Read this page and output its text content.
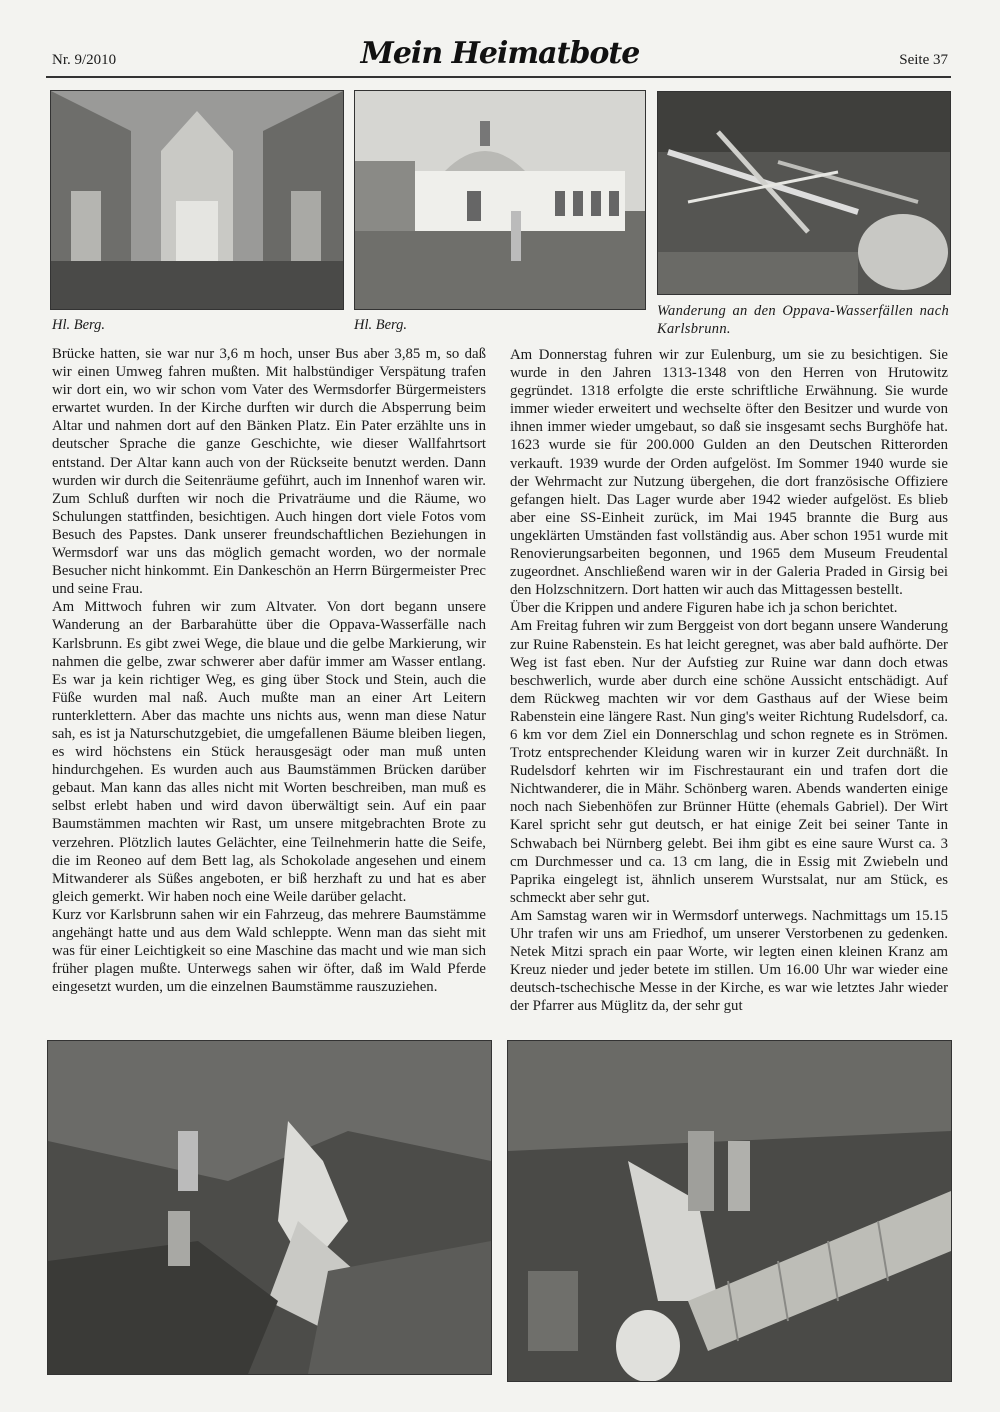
Nr. 9/2010	Mein Heimatbote	Seite 37
Hl. Berg.	Hl. Berg.
Wanderung an den Oppava-Wasserfällen nach Karlsbrunn.

Brücke hatten, sie war nur 3,6 m hoch, unser Bus aber 3,85 m, so daß wir einen Umweg fahren mußten. Mit halbstündiger Verspätung trafen wir dort ein, wo wir schon vom Vater des Wermsdorfer Bürgermeisters erwartet wurden. In der Kirche durften wir durch die Absperrung beim Altar und nahmen dort auf den Bänken Platz. Ein Pater erzählte uns in deutscher Sprache die ganze Geschichte, wie dieser Wallfahrtsort entstand. Der Altar kann auch von der Rückseite benutzt werden. Dann wurden wir durch die Seitenräume geführt, auch im Innenhof waren wir. Zum Schluß durften wir noch die Privaträume und die Räume, wo Schulungen stattfinden, besichtigen. Auch hingen dort viele Fotos vom Besuch des Papstes. Dank unserer freundschaftlichen Beziehungen in Wermsdorf war uns das möglich gemacht worden, wo der normale Besucher nicht hinkommt. Ein Dankeschön an Herrn Bürgermeister Prec und seine Frau.

Am Mittwoch fuhren wir zum Altvater. Von dort begann unsere Wanderung an der Barbarahütte über die Oppava-Wasserfälle nach Karlsbrunn. Es gibt zwei Wege, die blaue und die gelbe Markierung, wir nahmen die gelbe, zwar schwerer aber dafür immer am Wasser entlang. Es war ja kein richtiger Weg, es ging über Stock und Stein, auch die Füße wurden mal naß. Auch mußte man an einer Art Leitern runterklettern. Aber das machte uns nichts aus, wenn man diese Natur sah, es ist ja Naturschutzgebiet, die umgefallenen Bäume bleiben liegen, es wird höchstens ein Stück herausgesägt oder man muß unten hindurchgehen. Es wurden auch aus Baumstämmen Brücken darüber gebaut. Man kann das alles nicht mit Worten beschreiben, man muß es selbst erlebt haben und wird davon überwältigt sein. Auf ein paar Baumstämmen machten wir Rast, um unsere mitgebrachten Brote zu verzehren. Plötzlich lautes Gelächter, eine Teilnehmerin hatte die Seife, die im Reoneo auf dem Bett lag, als Schokolade angesehen und einem Mitwanderer als Süßes angeboten, er biß herzhaft zu und hat es aber gleich gemerkt. Wir haben noch eine Weile darüber gelacht.

Kurz vor Karlsbrunn sahen wir ein Fahrzeug, das mehrere Baumstämme angehängt hatte und aus dem Wald schleppte. Wenn man das sieht mit was für einer Leichtigkeit so eine Maschine das macht und wie man sich früher plagen mußte. Unterwegs sahen wir öfter, daß im Wald Pferde eingesetzt wurden, um die einzelnen Baumstämme rauszuziehen.

Am Donnerstag fuhren wir zur Eulenburg, um sie zu besichtigen. Sie wurde in den Jahren 1313-1348 von den Herren von Hrutowitz gegründet. 1318 erfolgte die erste schriftliche Erwähnung. Sie wurde immer wieder erweitert und wechselte öfter den Besitzer und wurde von ihnen immer wieder umgebaut, so daß sie insgesamt sechs Burghöfe hat. 1623 wurde sie für 200.000 Gulden an den Deutschen Ritterorden verkauft. 1939 wurde der Orden aufgelöst. Im Sommer 1940 wurde sie der Wehrmacht zur Nutzung übergehen, die dort französische Offiziere gefangen hielt. Das Lager wurde aber 1942 wieder aufgelöst. Es blieb aber eine SS-Einheit zurück, im Mai 1945 brannte die Burg aus ungeklärten Umständen fast vollständig aus. Aber schon 1951 wurde mit Renovierungsarbeiten begonnen, und 1965 dem Museum Freudental zugeordnet. Anschließend waren wir in der Galeria Praded in Girsig bei den Holzschnitzern. Dort hatten wir auch das Mittagessen bestellt.

Über die Krippen und andere Figuren habe ich ja schon berichtet.

Am Freitag fuhren wir zum Berggeist von dort begann unsere Wanderung zur Ruine Rabenstein. Es hat leicht geregnet, was aber bald aufhörte. Der Weg ist fast eben. Nur der Aufstieg zur Ruine war dann doch etwas beschwerlich, wurde aber durch eine schöne Aussicht entschädigt. Auf dem Rückweg machten wir vor dem Gasthaus auf der Wiese beim Rabenstein eine längere Rast. Nun ging's weiter Richtung Rudelsdorf, ca. 6 km vor dem Ziel ein Donnerschlag und schon regnete es in Strömen. Trotz entsprechender Kleidung waren wir in kurzer Zeit durchnäßt. In Rudelsdorf kehrten wir im Fischrestaurant ein und trafen dort die Nichtwanderer, die in Mähr. Schönberg waren. Abends wanderten einige noch nach Siebenhöfen zur Brünner Hütte (ehemals Gabriel). Der Wirt Karel spricht sehr gut deutsch, er hat einige Zeit bei seiner Tante in Schwabach bei Nürnberg gelebt. Bei ihm gibt es eine saure Wurst ca. 3 cm Durchmesser und ca. 13 cm lang, die in Essig mit Zwiebeln und Paprika eingelegt ist, ähnlich unserem Wurstsalat, nur am Stück, es schmeckt aber sehr gut.

Am Samstag waren wir in Wermsdorf unterwegs. Nachmittags um 15.15 Uhr trafen wir uns am Friedhof, um unserer Verstorbenen zu gedenken. Netek Mitzi sprach ein paar Worte, wir legten einen kleinen Kranz am Kreuz nieder und jeder betete im stillen. Um 16.00 Uhr war wieder eine deutsch-tschechische Messe in der Kirche, es war wie letztes Jahr wieder der Pfarrer aus Müglitz da, der sehr gut
